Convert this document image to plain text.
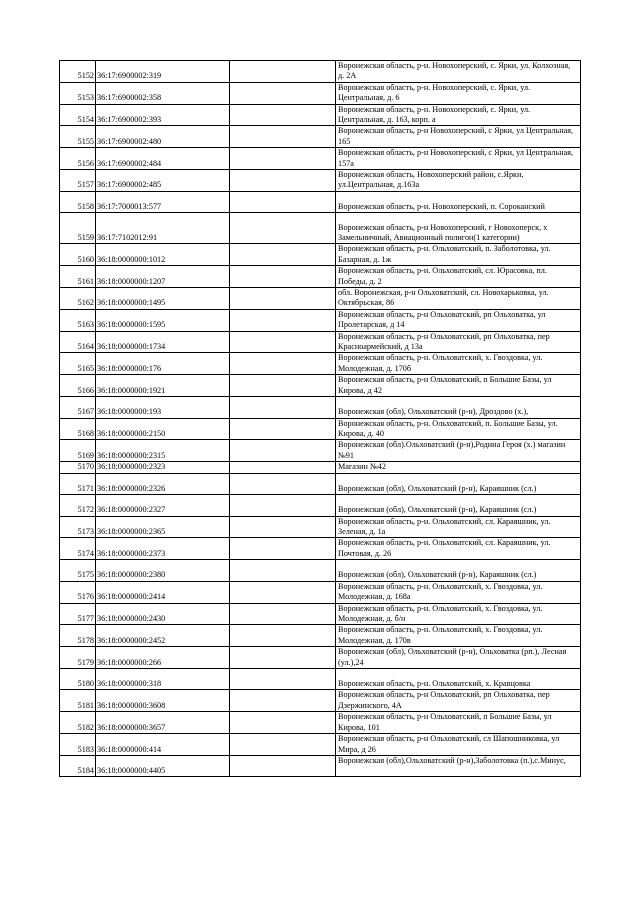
5152	36:17:6900002:319		Воронежская область, р-н. Новохоперский, с. Ярки, ул. Колхозная, д. 2А
5153	36:17:6900002:358		Воронежская область, р-н. Новохоперский, с. Ярки, ул. Центральная, д. 6
5154	36:17:6900002:393		Воронежская область, р-н. Новохоперский, с. Ярки, ул. Центральная, д. 163, корп. а
5155	36:17:6900002:480		Воронежская область, р-н Новохоперский, с Ярки, ул Центральная, 165
5156	36:17:6900002:484		Воронежская область, р-н Новохоперский, с Ярки, ул Центральная, 157а
5157	36:17:6900002:485		Воронежская область, Новохоперский район, с.Ярки, ул.Центральная, д.163а
5158	36:17:7000013:577		Воронежская область, р-н. Новохоперский, п. Сороканский
5159	36:17:7102012:91		Воронежская область, р-н Новохоперский, г Новохоперск, х Замельничный, Авиационный полигон(1 категории)
5160	36:18:0000000:1012		Воронежская область, р-н. Ольховатский, п. Заболотовка, ул. Базарная, д. 1ж
5161	36:18:0000000:1207		Воронежская область, р-н. Ольховатский, сл. Юрасовка, пл. Победы, д. 2
5162	36:18:0000000:1495		обл. Воронежская, р-н Ольховатский, сл. Новохарьковка, ул. Октябрьская, 86
5163	36:18:0000000:1595		Воронежская область, р-н Ольховатский, рп Ольховатка, ул Пролетарская, д 14
5164	36:18:0000000:1734		Воронежская область, р-н Ольховатский, рп Ольховатка, пер Красноармейский, д 13а
5165	36:18:0000000:176		Воронежская область, р-н. Ольховатский, х. Гвоздовка, ул. Молодежная, д. 170б
5166	36:18:0000000:1921		Воронежская область, р-н Ольховатский, п Большие Базы, ул Кирова, д 42
5167	36:18:0000000:193		Воронежская (обл), Ольховатский (р-н), Дроздово (х.),
5168	36:18:0000000:2150		Воронежская область, р-н. Ольховатский, п. Большие Базы, ул. Кирова, д. 40
5169	36:18:0000000:2315		Воронежская (обл).Ольховатский (р-н),Родина Героя (х.) магазин №91
5170	36:18:0000000:2323		Магазин №42
5171	36:18:0000000:2326		Воронежская (обл), Ольховатский (р-н), Караяшник (сл.)
5172	36:18:0000000:2327		Воронежская (обл), Ольховатский (р-н), Караяшник (сл.)
5173	36:18:0000000:2365		Воронежская область, р-н. Ольховатский, сл. Караяшник, ул. Зеленая, д. 1а
5174	36:18:0000000:2373		Воронежская область, р-н. Ольховатский, сл. Караяшник, ул. Почтовая, д. 26
5175	36:18:0000000:2380		Воронежская (обл), Ольховатский (р-н), Караяшник (сл.)
5176	36:18:0000000:2414		Воронежская область, р-н. Ольховатский, х. Гвоздовка, ул. Молодежная, д. 168а
5177	36:18:0000000:2430		Воронежская область, р-н. Ольховатский, х. Гвоздовка, ул. Молодежная, д. б/н
5178	36:18:0000000:2452		Воронежская область, р-н. Ольховатский, х. Гвоздовка, ул. Молодежная, д. 170в
5179	36:18:0000000:266		Воронежская (обл), Ольховатский (р-н), Ольховатка (рп.), Лесная (ул.),24
5180	36:18:0000000:318		Воронежская область, р-н. Ольховатский, х. Кравцовка
5181	36:18:0000000:3608		Воронежская область, р-н Ольховатский, рп Ольховатка, пер Дзержинского, 4А
5182	36:18:0000000:3657		Воронежская область, р-н Ольховатский, п Большие Базы, ул Кирова, 101
5183	36:18:0000000:414		Воронежская область, р-н Ольховатский, сл Шапошниковка, ул Мира, д 26
5184	36:18:0000000:4405		Воронежская (обл),Ольховатский (р-н),Заболотовка (п.),с.Минус,
